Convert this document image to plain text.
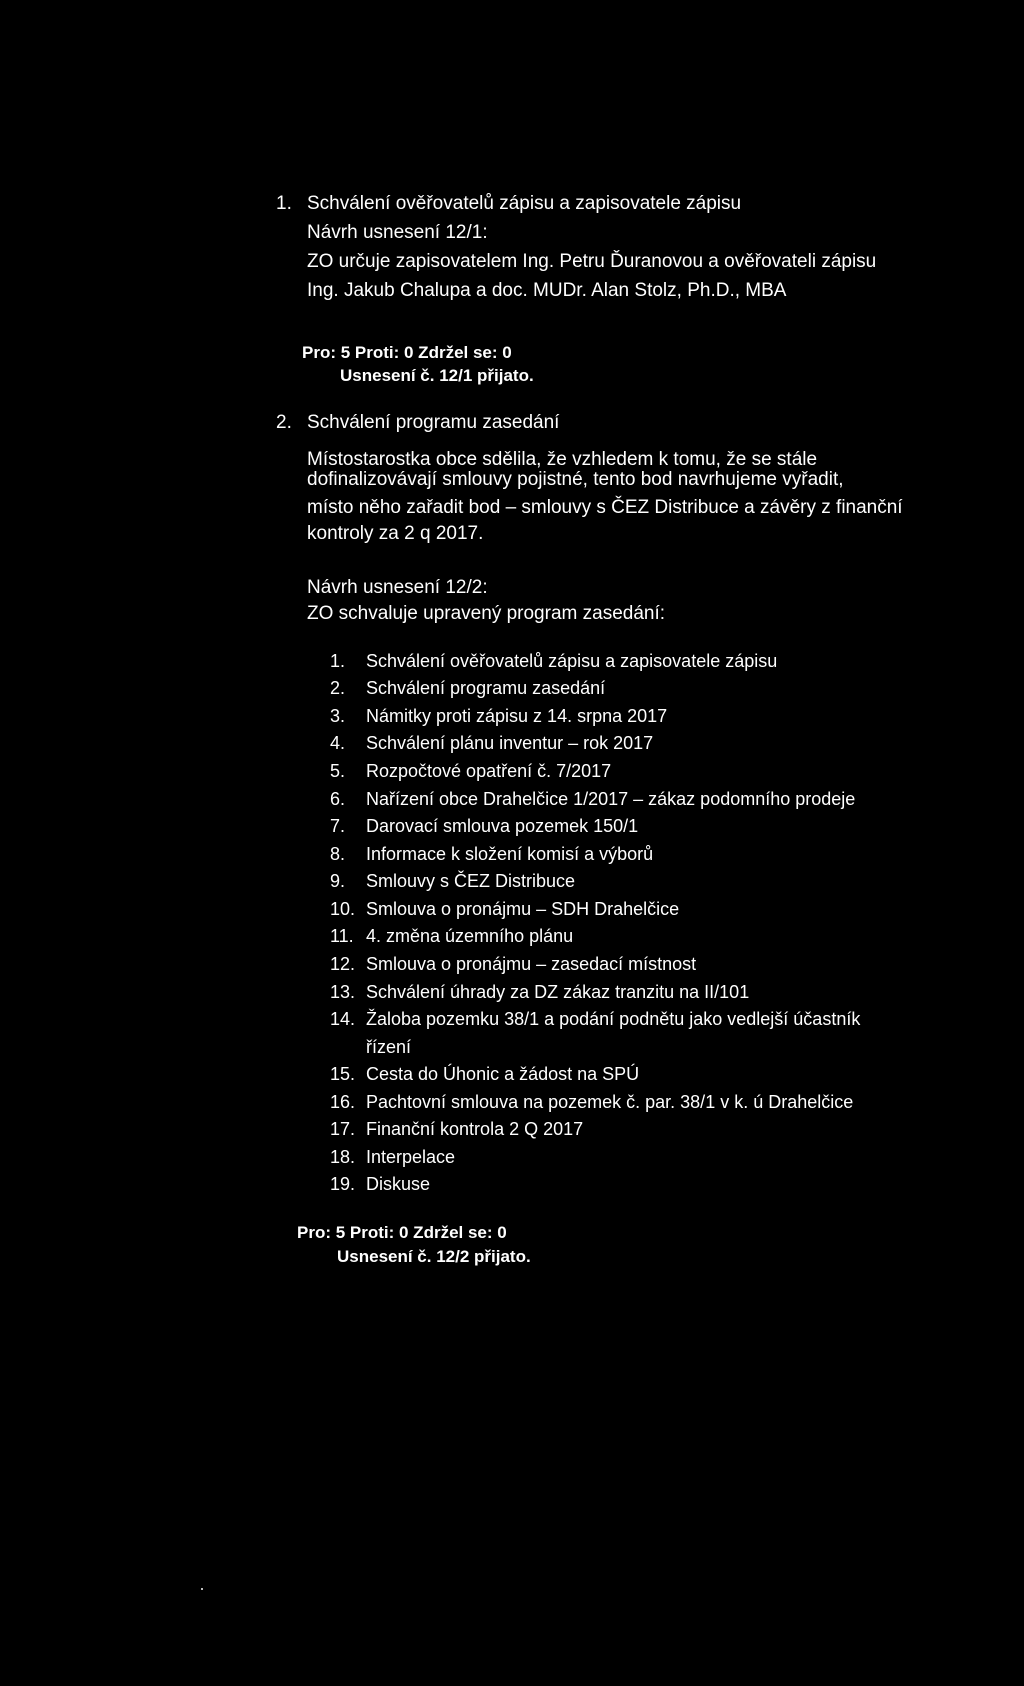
1. Schválení ověřovatelů zápisu a zapisovatele zápisu
Návrh usnesení 12/1:
ZO určuje zapisovatelem Ing. Petru Ďuranovou a ověřovateli zápisu
Ing. Jakub Chalupa a doc. MUDr. Alan Stolz, Ph.D., MBA
Pro: 5 Proti: 0 Zdržel se: 0
Usnesení č. 12/1 přijato.
2. Schválení programu zasedání
Místostarostka obce sdělila, že vzhledem k tomu, že se stále
dofinalizovávají smlouvy pojistné, tento bod navrhujeme vyřadit,
místo něho zařadit bod – smlouvy s ČEZ Distribuce a závěry z finanční
kontroly za 2 q 2017.
Návrh usnesení 12/2:
ZO schvaluje upravený program zasedání:
1.	Schválení ověřovatelů zápisu a zapisovatele zápisu
2.	Schválení programu zasedání
3.	Námitky proti zápisu z 14. srpna 2017
4.	Schválení plánu inventur – rok 2017
5.	Rozpočtové opatření č. 7/2017
6.	Nařízení obce Drahelčice 1/2017 – zákaz podomního prodeje
7.	Darovací smlouva pozemek 150/1
8.	Informace k složení komisí a výborů
9.	Smlouvy s ČEZ Distribuce
10. Smlouva o pronájmu – SDH Drahelčice
11. 4. změna územního plánu
12. Smlouva o pronájmu – zasedací místnost
13. Schválení úhrady za DZ zákaz tranzitu na II/101
14. Žaloba pozemku 38/1 a podání podnětu jako vedlejší účastník
řízení
15. Cesta do Úhonic a žádost na SPÚ
16. Pachtovní smlouva na pozemek č. par. 38/1 v k. ú Drahelčice
17. Finanční kontrola 2 Q 2017
18. Interpelace
19. Diskuse
Pro: 5 Proti: 0 Zdržel se: 0
Usnesení č. 12/2 přijato.
